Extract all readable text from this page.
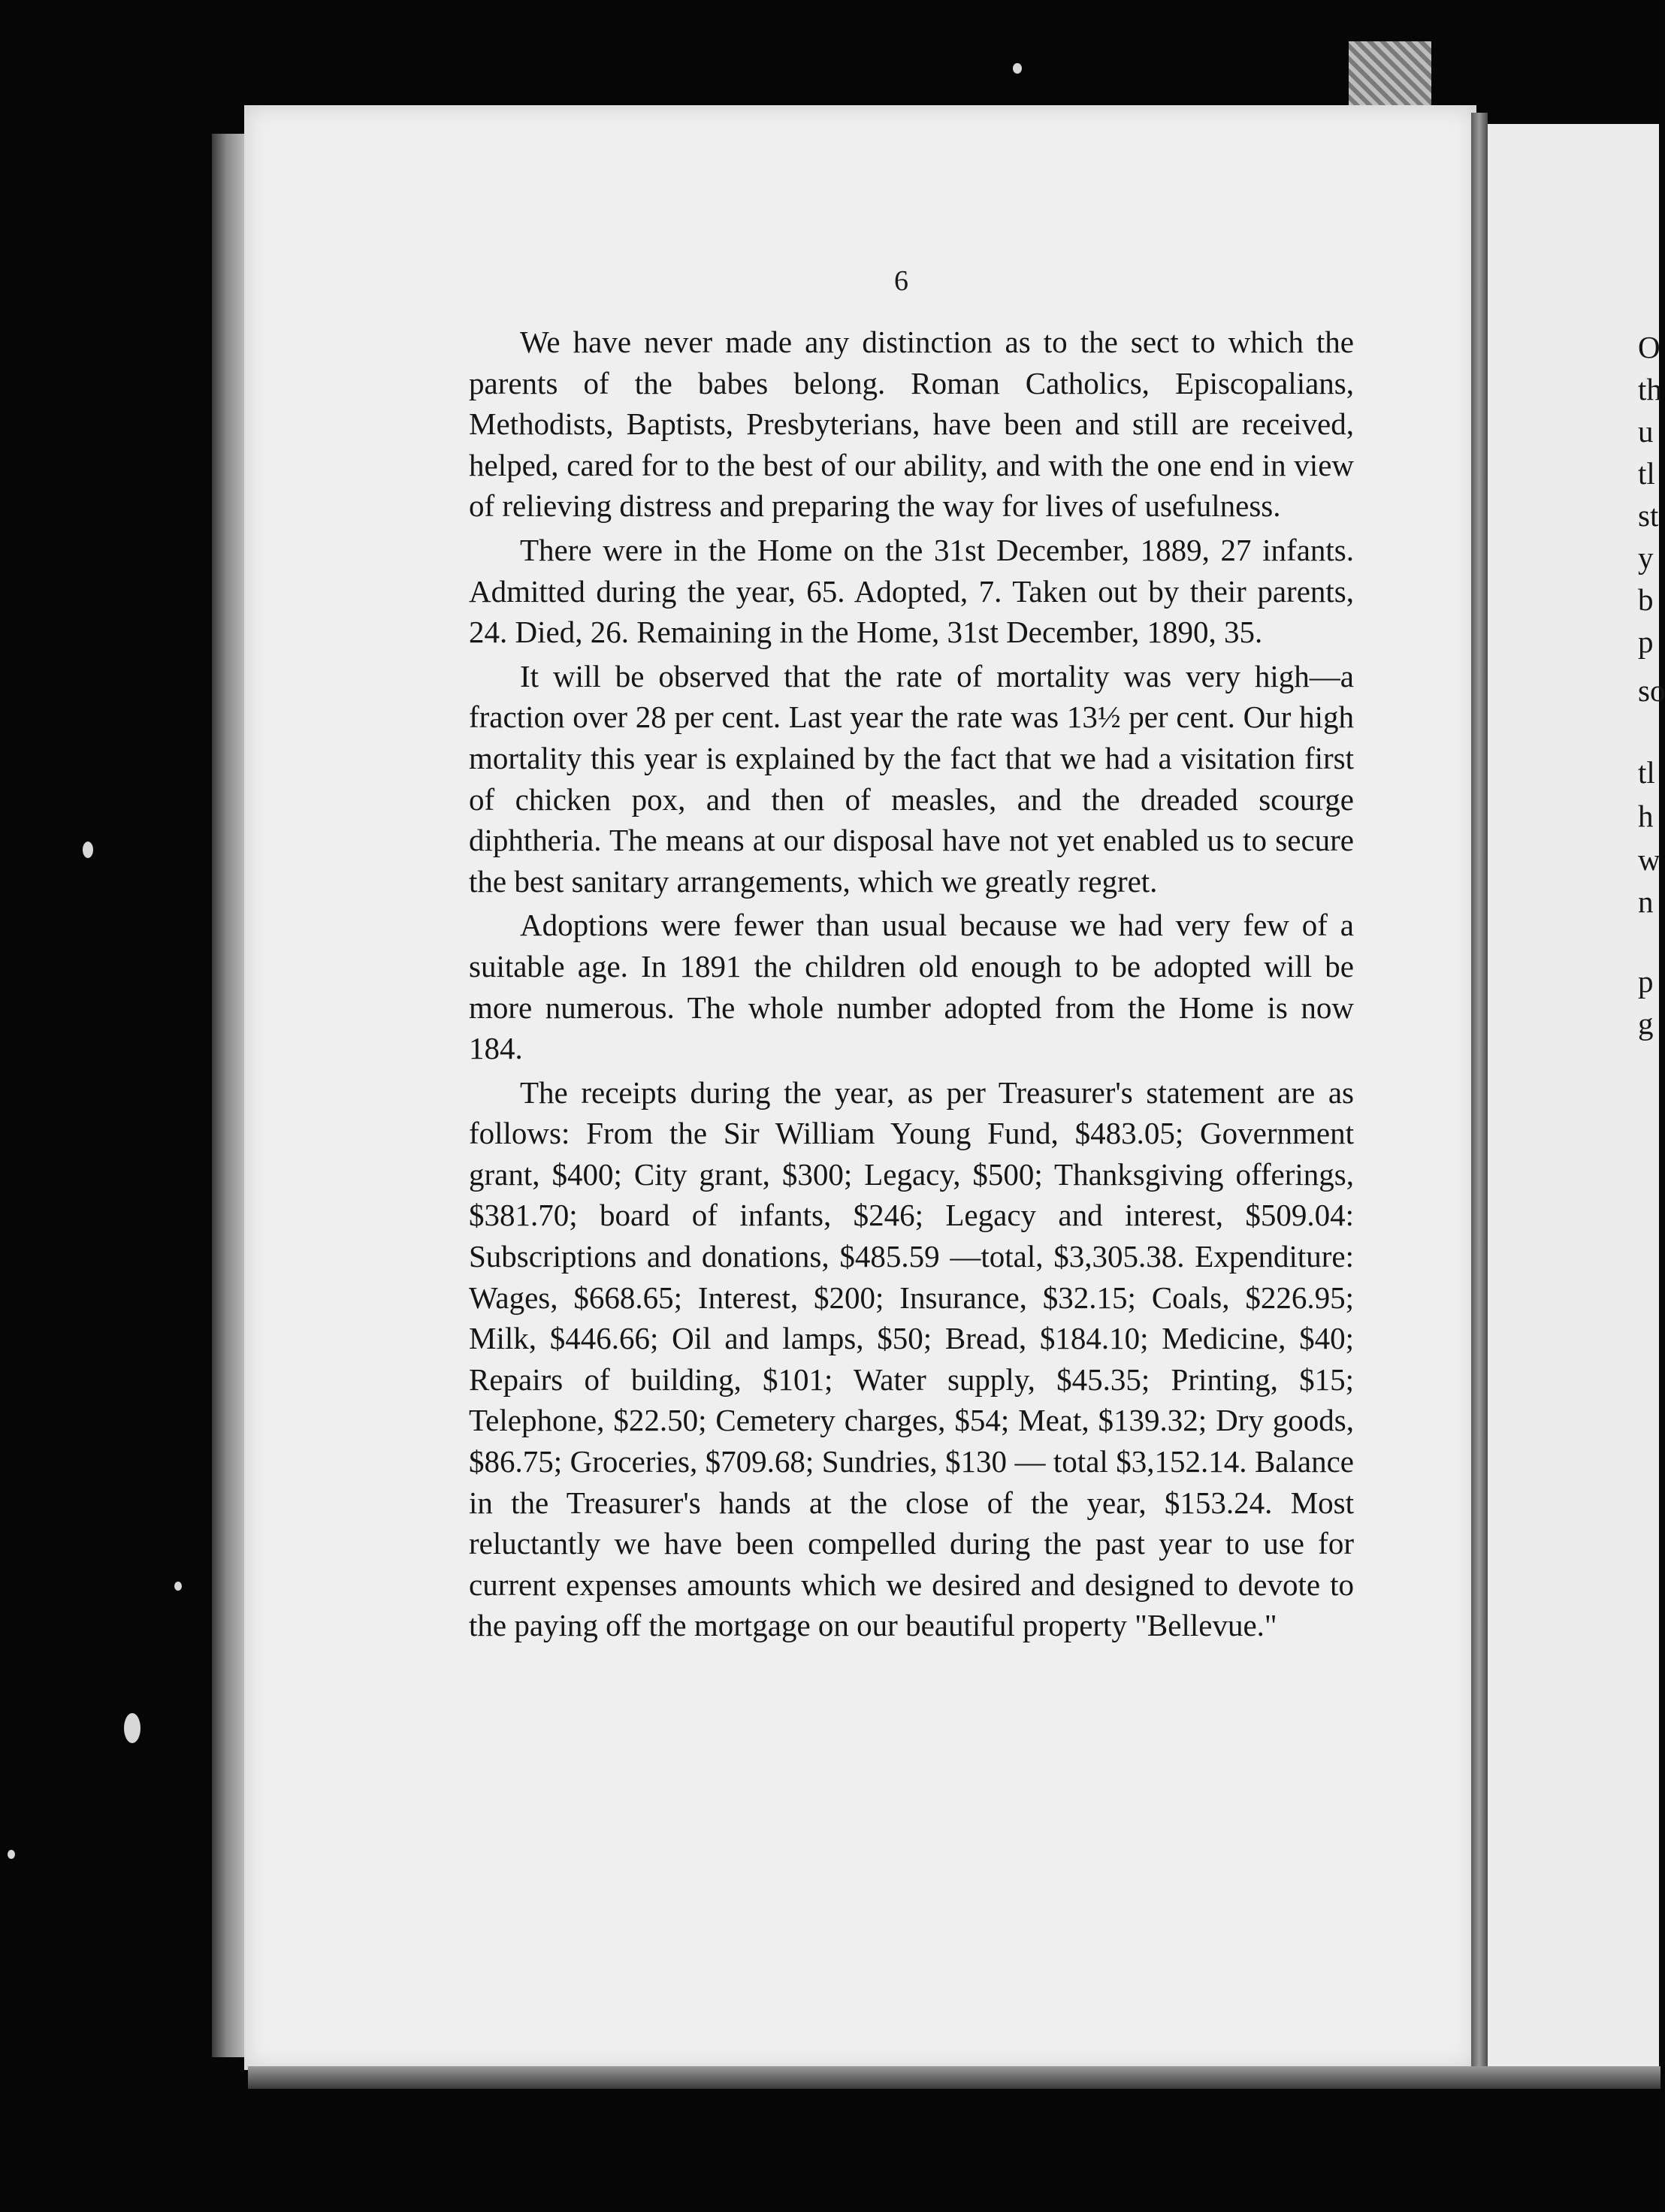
6

We have never made any distinction as to the sect to which the parents of the babes belong. Roman Catholics, Episcopalians, Methodists, Baptists, Presbyterians, have been and still are received, helped, cared for to the best of our ability, and with the one end in view of relieving distress and preparing the way for lives of usefulness.

There were in the Home on the 31st December, 1889, 27 infants. Admitted during the year, 65. Adopted, 7. Taken out by their parents, 24. Died, 26. Remaining in the Home, 31st December, 1890, 35.

It will be observed that the rate of mortality was very high—a fraction over 28 per cent. Last year the rate was 13½ per cent. Our high mortality this year is explained by the fact that we had a visitation first of chicken pox, and then of measles, and the dreaded scourge diphtheria. The means at our disposal have not yet enabled us to secure the best sanitary arrangements, which we greatly regret.

Adoptions were fewer than usual because we had very few of a suitable age. In 1891 the children old enough to be adopted will be more numerous. The whole number adopted from the Home is now 184.

The receipts during the year, as per Treasurer's statement are as follows: From the Sir William Young Fund, $483.05; Government grant, $400; City grant, $300; Legacy, $500; Thanksgiving offerings, $381.70; board of infants, $246; Legacy and interest, $509.04: Subscriptions and donations, $485.59 —total, $3,305.38. Expenditure: Wages, $668.65; Interest, $200; Insurance, $32.15; Coals, $226.95; Milk, $446.66; Oil and lamps, $50; Bread, $184.10; Medicine, $40; Repairs of building, $101; Water supply, $45.35; Printing, $15; Telephone, $22.50; Cemetery charges, $54; Meat, $139.32; Dry goods, $86.75; Groceries, $709.68; Sundries, $130 — total $3,152.14. Balance in the Treasurer's hands at the close of the year, $153.24. Most reluctantly we have been compelled during the past year to use for current expenses amounts which we desired and designed to devote to the paying off the mortgage on our beautiful property "Bellevue."

O
th
u
tl
st
y
b
p
so
tl
h
w
n
p
g
